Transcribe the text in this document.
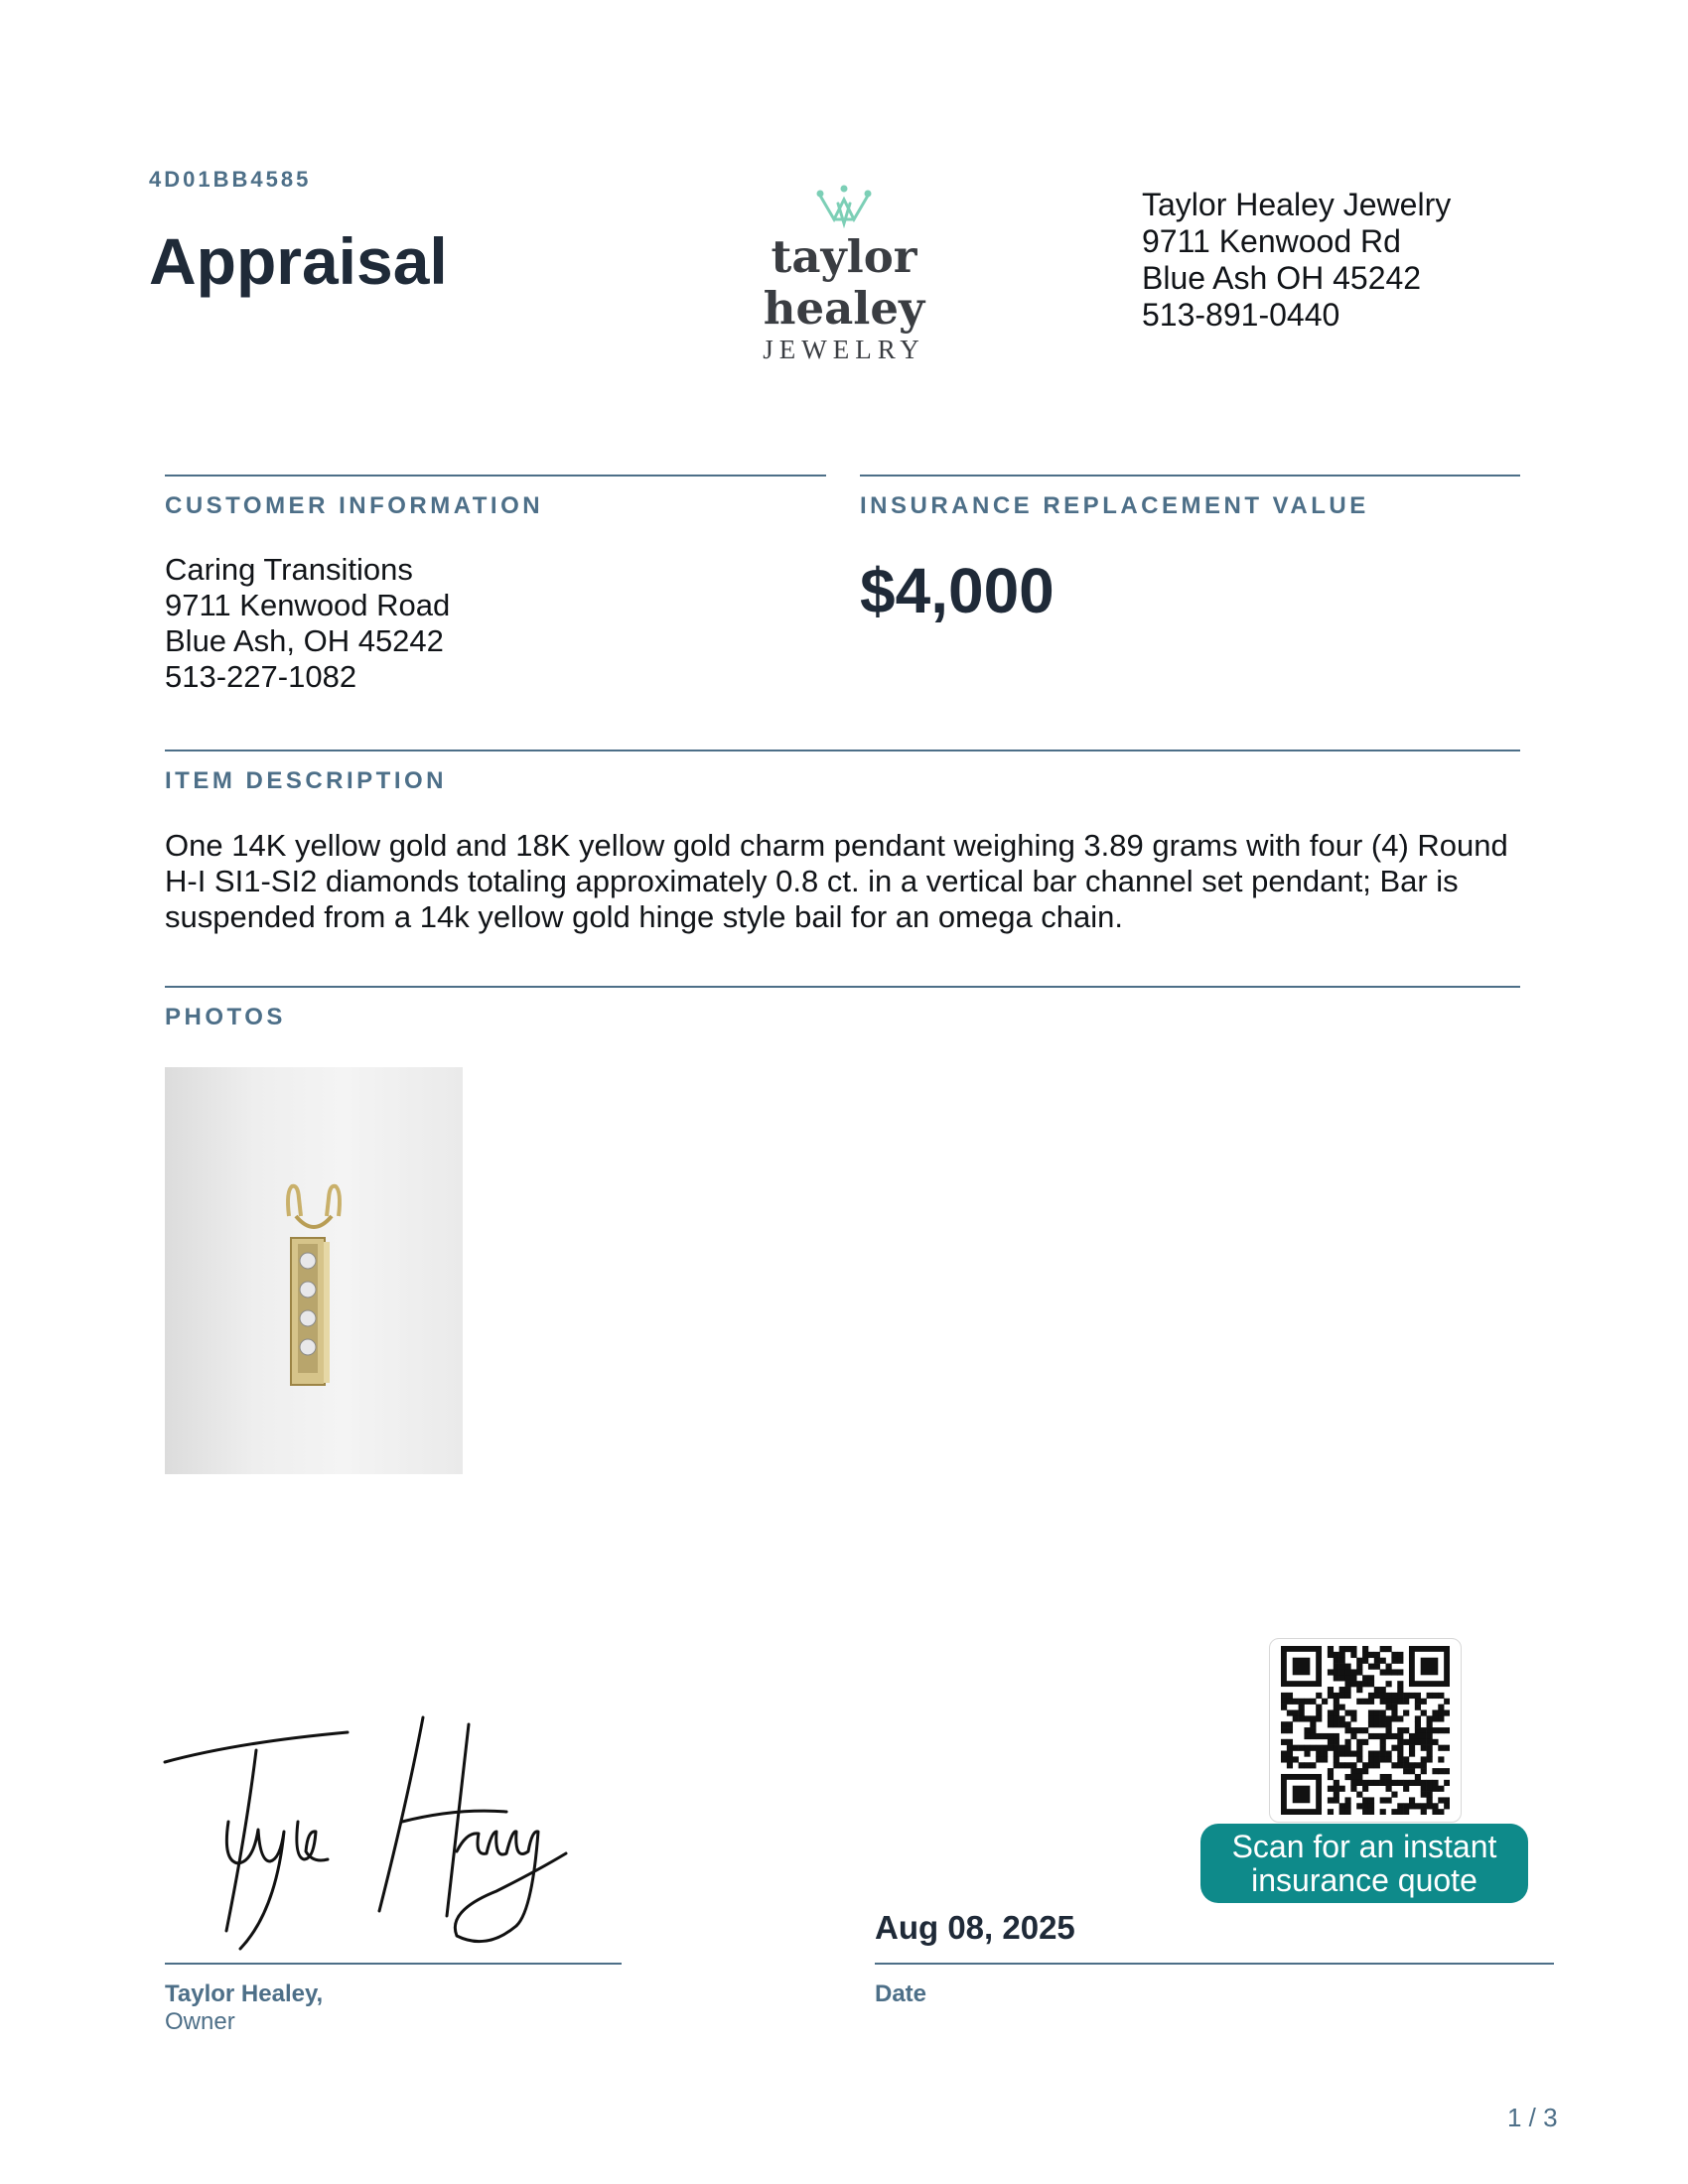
4D01BB4585
Appraisal	taylor healey
JEWELRY
Taylor Healey Jewelry
9711 Kenwood Rd
Blue Ash OH 45242
513-891-0440
CUSTOMER INFORMATION
Caring Transitions
9711 Kenwood Road
Blue Ash, OH 45242
513-227-1082
INSURANCE REPLACEMENT VALUE
$4,000
ITEM DESCRIPTION
One 14K yellow gold and 18K yellow gold charm pendant weighing 3.89 grams with four (4) Round H-I SI1-SI2 diamonds totaling approximately 0.8 ct. in a vertical bar channel set pendant; Bar is suspended from a 14k yellow gold hinge style bail for an omega chain.
PHOTOS
Scan for an instant insurance quote
Taylor Healey,
Owner
Aug 08, 2025
Date
1 / 3
